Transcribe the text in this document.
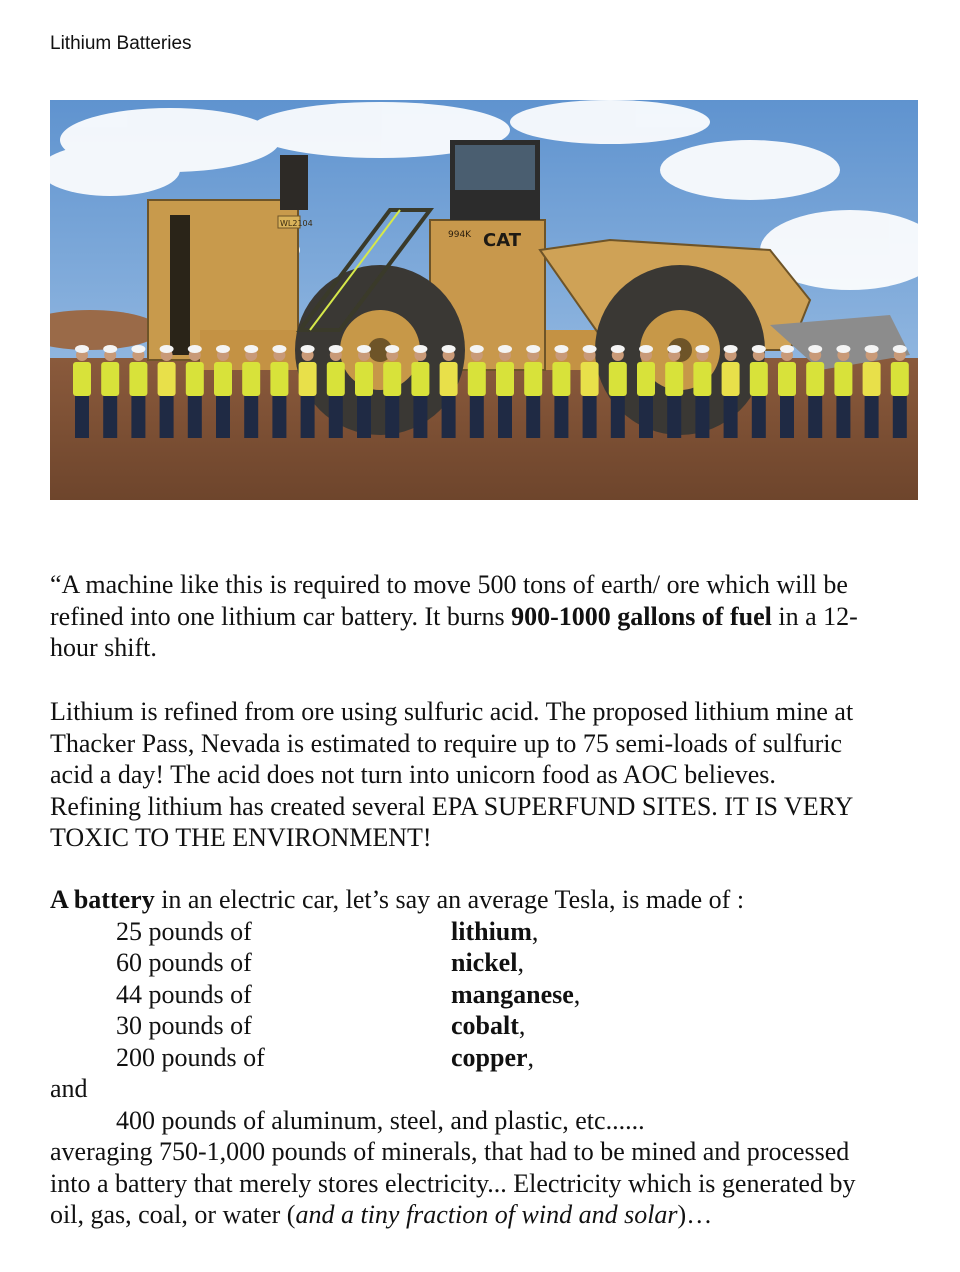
Lithium Batteries
WL2104
994K CAT
“A machine like this is required to move 500 tons of earth/ ore which will be
refined into one lithium car battery. It burns 900-1000 gallons of fuel in a 12-
hour shift.
Lithium is refined from ore using sulfuric acid. The proposed lithium mine at
Thacker Pass, Nevada is estimated to require up to 75 semi-loads of sulfuric
acid a day! The acid does not turn into unicorn food as AOC believes.
Refining lithium has created several EPA SUPERFUND SITES. IT IS VERY
TOXIC TO THE ENVIRONMENT!
A battery in an electric car, let’s say an average Tesla, is made of :
25 pounds of	lithium ,
60 pounds of	nickel ,
44 pounds of	manganese ,
30 pounds of	cobalt ,
200 pounds of	copper ,
and
400 pounds of aluminum, steel, and plastic, etc......
averaging 750-1,000 pounds of minerals, that had to be mined and processed
into a battery that merely stores electricity... Electricity which is generated by
oil, gas, coal, or water (and a tiny fraction of wind and solar)…
